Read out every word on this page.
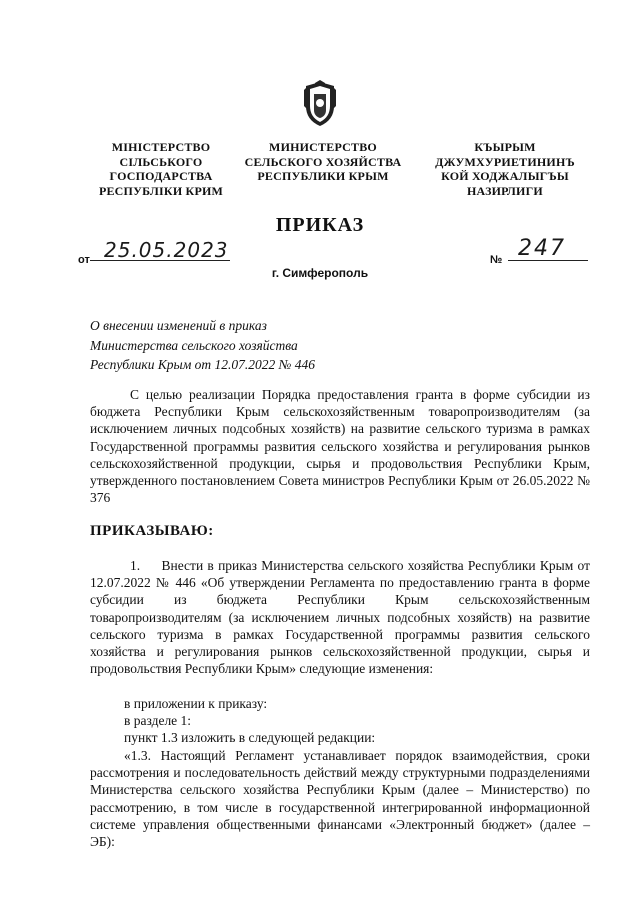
МІНІСТЕРСТВО
СІЛЬСЬКОГО
ГОСПОДАРСТВА
РЕСПУБЛІКИ КРИМ
МИНИСТЕРСТВО
СЕЛЬСКОГО ХОЗЯЙСТВА
РЕСПУБЛИКИ КРЫМ
КЪЫРЫМ
ДЖУМХУРИЕТИНИНЪ
КОЙ ХОДЖАЛЫГЪЫ
НАЗИРЛИГИ
ПРИКАЗ
от 25.05.2023	№ 247
г. Симферополь
О внесении изменений в приказ
Министерства сельского хозяйства
Республики Крым от 12.07.2022 № 446

С целью реализации Порядка предоставления гранта в форме субсидии из бюджета Республики Крым сельскохозяйственным товаропроизводителям (за исключением личных подсобных хозяйств) на развитие сельского туризма в рамках Государственной программы развития сельского хозяйства и регулирования рынков сельскохозяйственной продукции, сырья и продовольствия Республики Крым, утвержденного постановлением Совета министров Республики Крым от 26.05.2022 № 376

ПРИКАЗЫВАЮ:

1.     Внести в приказ Министерства сельского хозяйства Республики Крым от 12.07.2022 № 446 «Об утверждении Регламента по предоставлению гранта в форме субсидии из бюджета Республики Крым сельскохозяйственным товаропроизводителям (за исключением личных подсобных хозяйств) на развитие сельского туризма в рамках Государственной программы развития сельского хозяйства и регулирования рынков сельскохозяйственной продукции, сырья и продовольствия Республики Крым» следующие изменения:

в приложении к приказу:
в разделе 1:
пункт 1.3 изложить в следующей редакции:

«1.3. Настоящий Регламент устанавливает порядок взаимодействия, сроки рассмотрения и последовательность действий между структурными подразделениями Министерства сельского хозяйства Республики Крым (далее – Министерство) по рассмотрению, в том числе в государственной интегрированной информационной системе управления общественными финансами «Электронный бюджет» (далее – ЭБ):
